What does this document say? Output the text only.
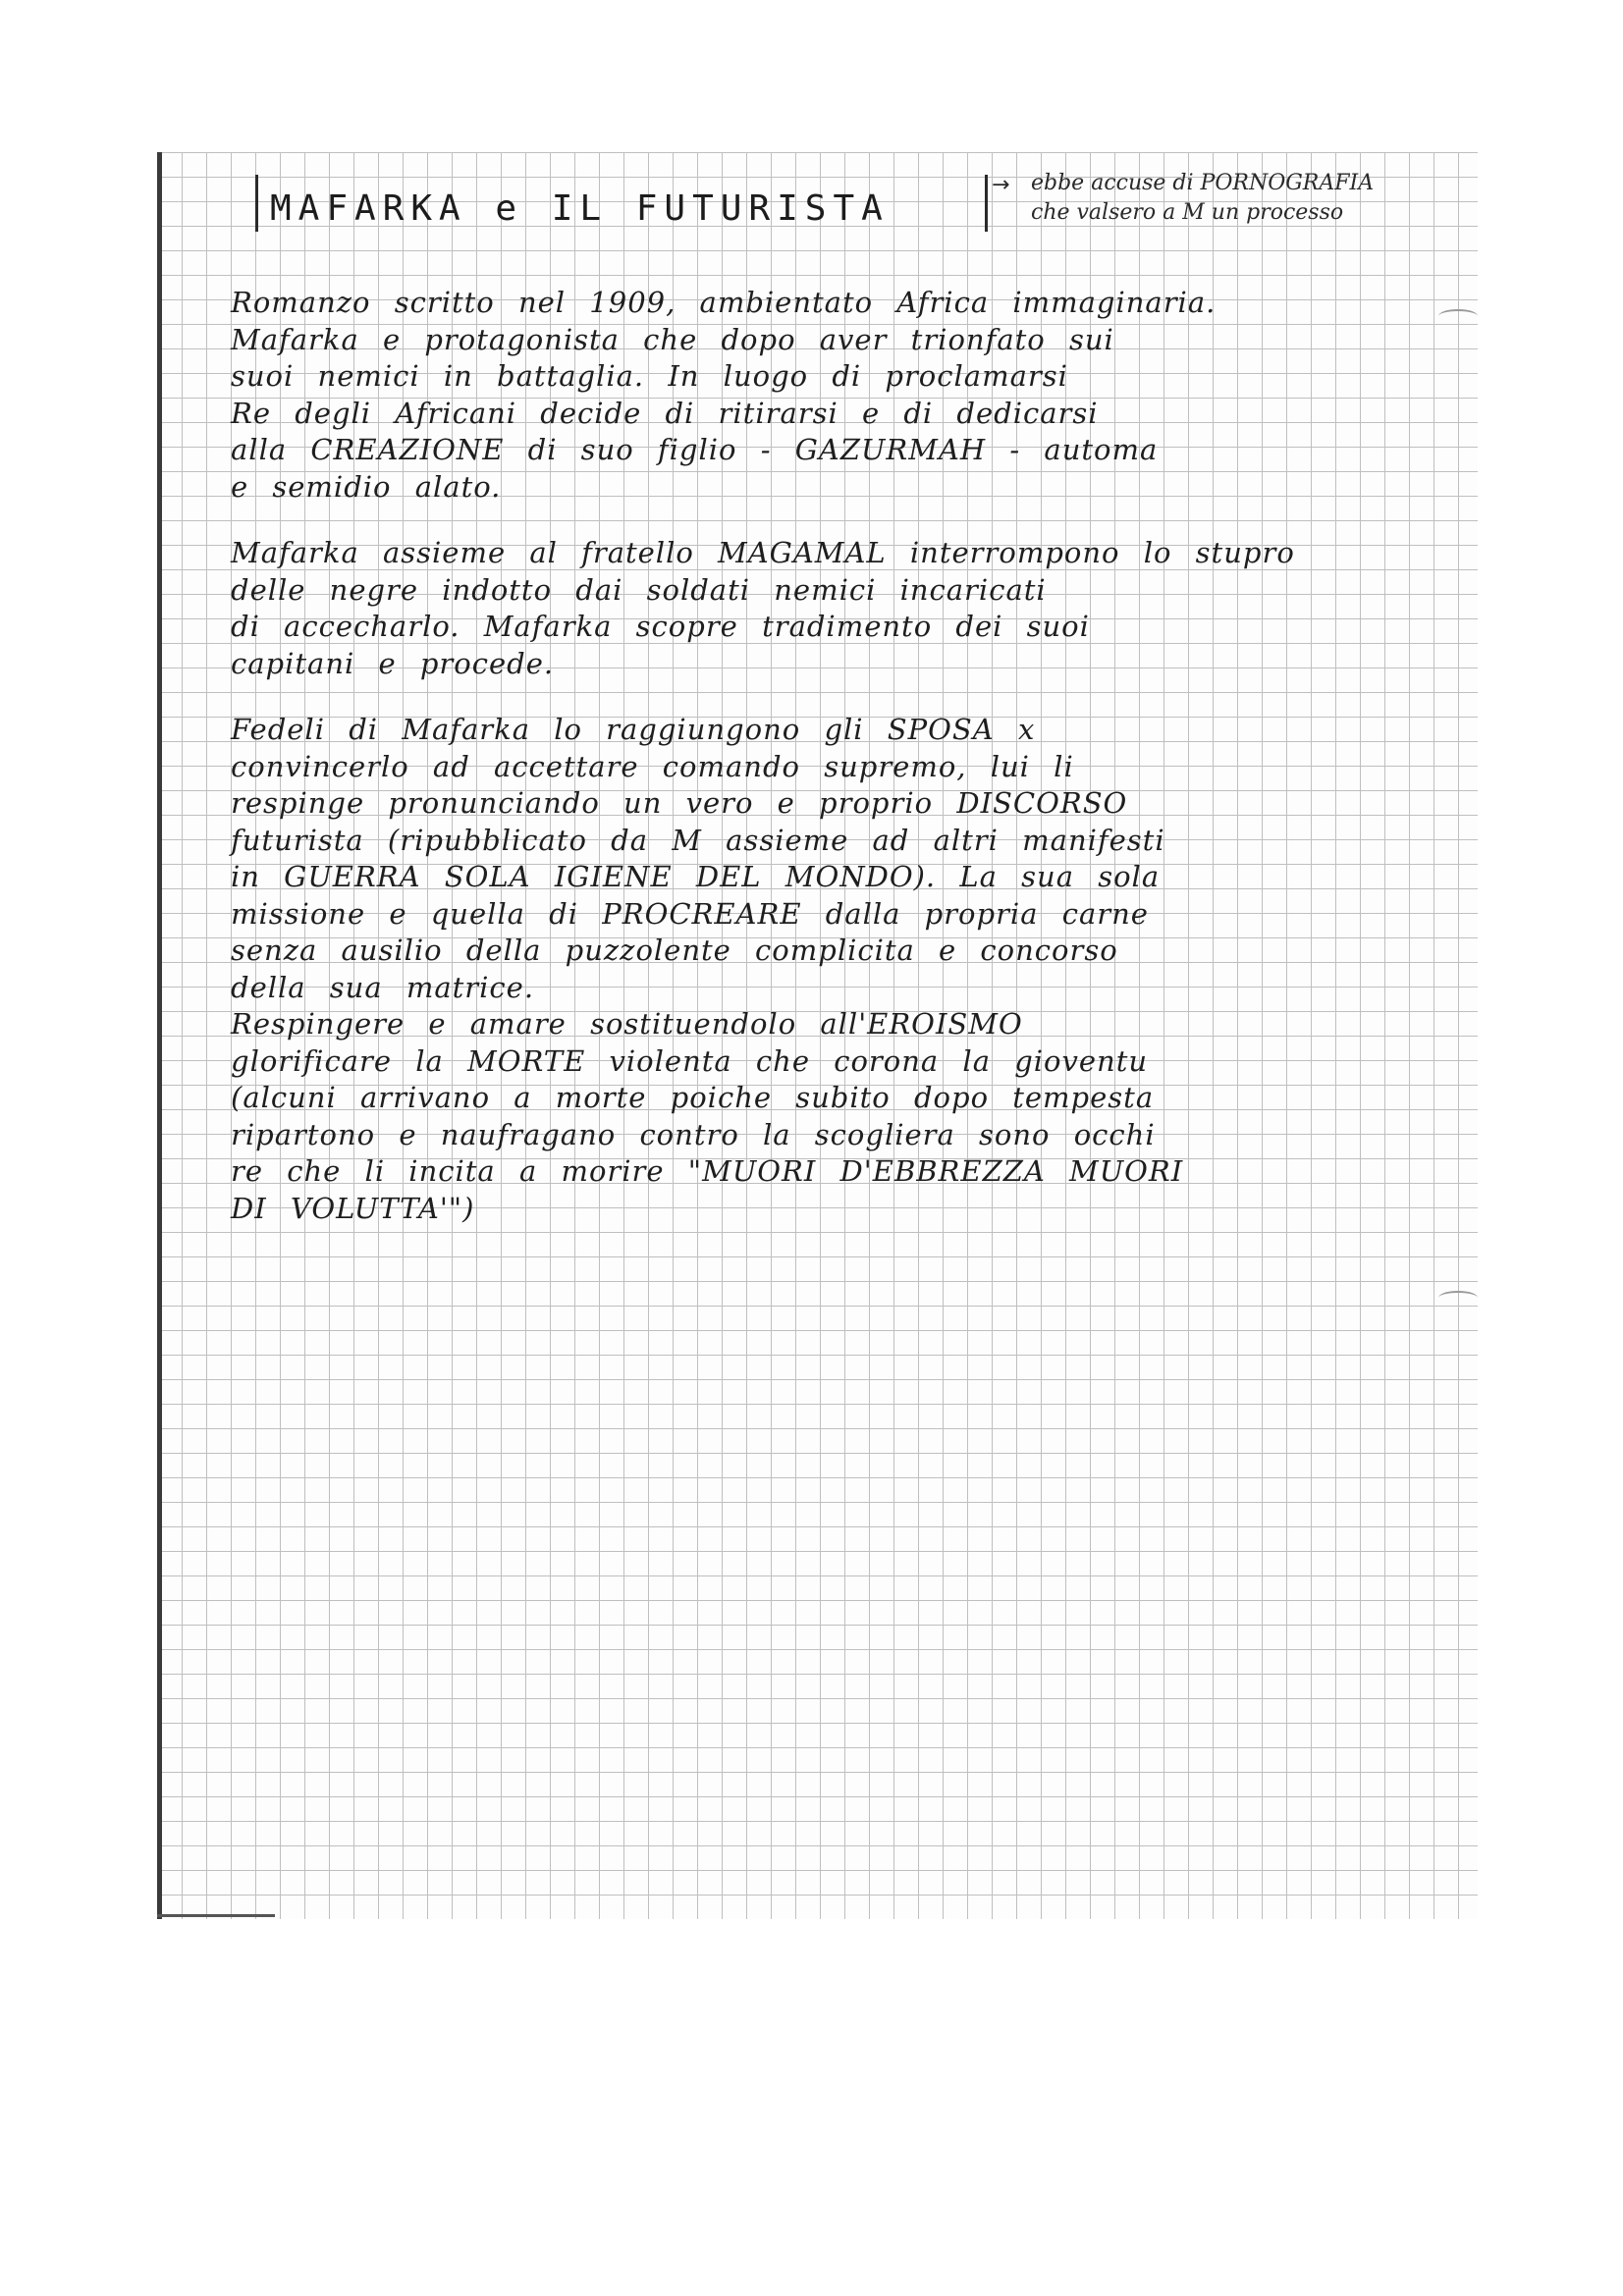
MAFARKA e IL FUTURISTA
→ ebbe accuse di PORNOGRAFIA
che valsero a M un processo
Romanzo scritto nel 1909, ambientato Africa immaginaria.
Mafarka e protagonista che dopo aver trionfato sui
suoi nemici in battaglia. In luogo di proclamarsi
Re degli Africani decide di ritirarsi e di dedicarsi
alla CREAZIONE di suo figlio - GAZURMAH - automa
e semidio alato.
Mafarka assieme al fratello MAGAMAL interrompono lo stupro
delle negre indotto dai soldati nemici incaricati
di accecharlo. Mafarka scopre tradimento dei suoi
capitani e procede.
Fedeli di Mafarka lo raggiungono gli SPOSA x
convincerlo ad accettare comando supremo, lui li
respinge pronunciando un vero e proprio DISCORSO
futurista (ripubblicato da M assieme ad altri manifesti
in GUERRA SOLA IGIENE DEL MONDO). La sua sola
missione e quella di PROCREARE dalla propria carne
senza ausilio della puzzolente complicita e concorso
della sua matrice.
Respingere e amare sostituendolo all'EROISMO
glorificare la MORTE violenta che corona la gioventu
(alcuni arrivano a morte poiche subito dopo tempesta
ripartono e naufragano contro la scogliera sono occhi
re che li incita a morire "MUORI D'EBBREZZA MUORI
DI VOLUTTA'")
